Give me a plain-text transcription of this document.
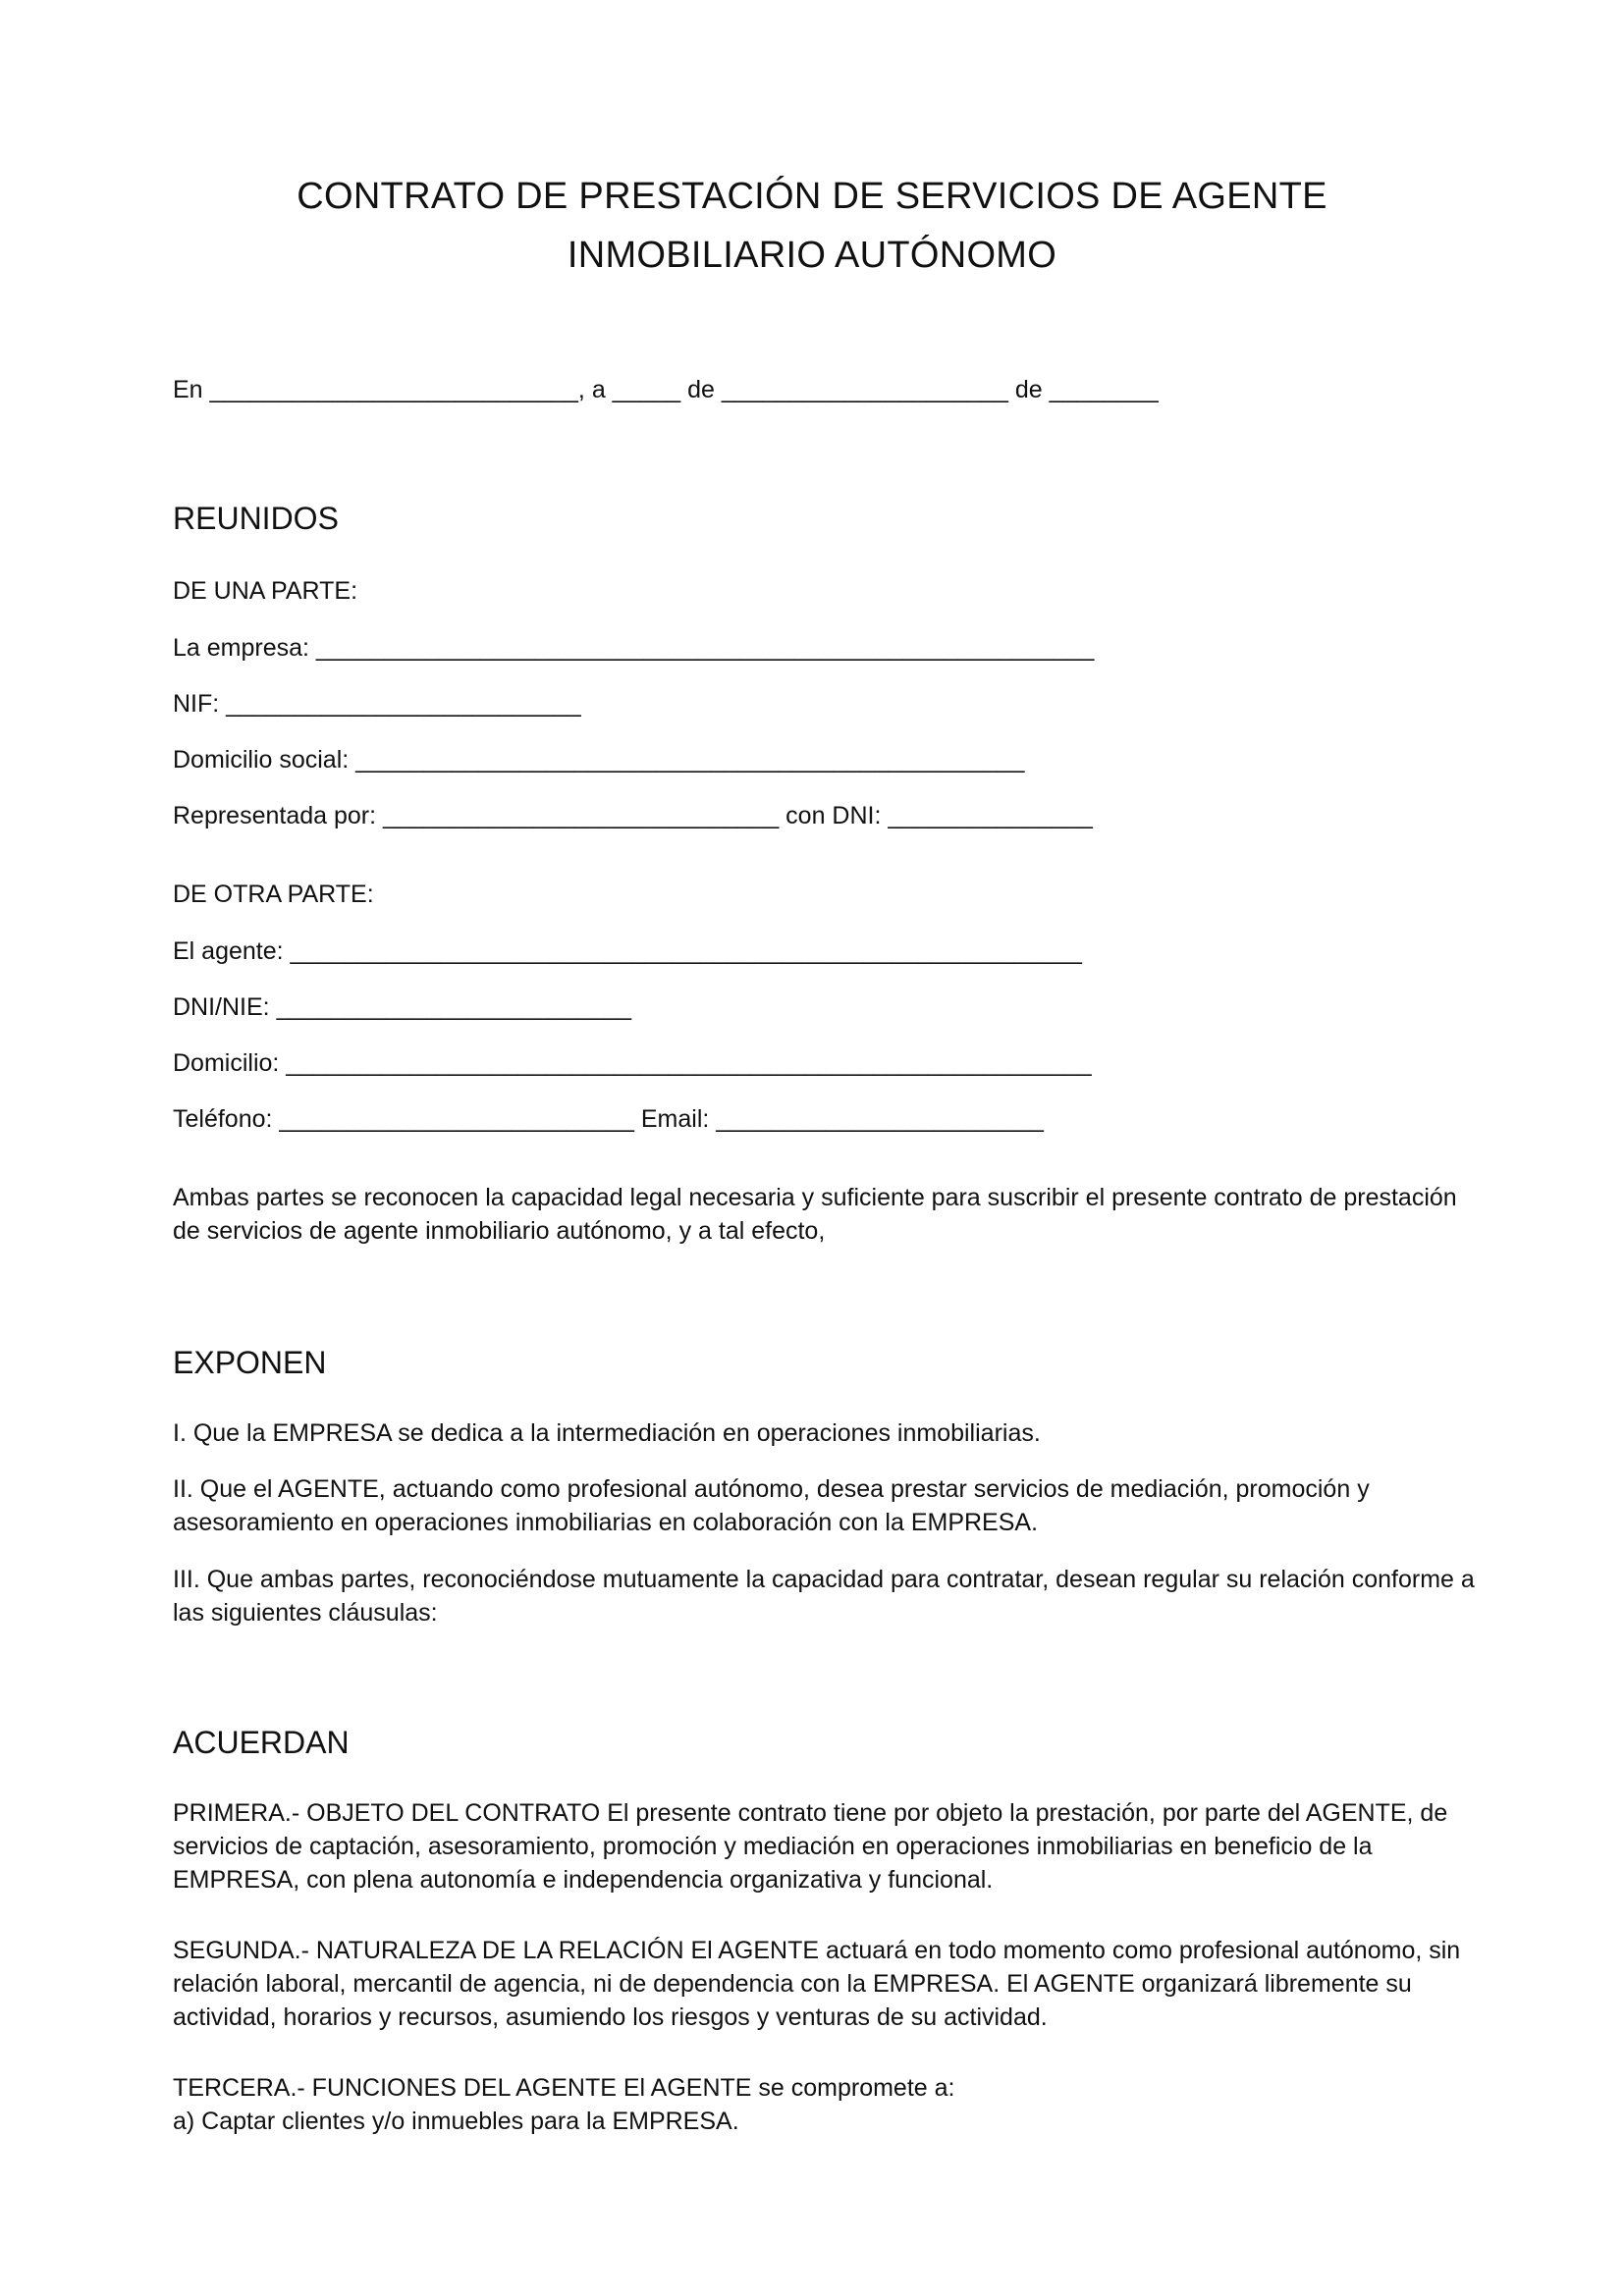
CONTRATO DE PRESTACIÓN DE SERVICIOS DE AGENTE
INMOBILIARIO AUTÓNOMO

En ___________________________, a _____ de _____________________ de ________

REUNIDOS

DE UNA PARTE:

La empresa: _________________________________________________________

NIF: __________________________

Domicilio social: _________________________________________________

Representada por: _____________________________ con DNI: _______________

DE OTRA PARTE:

El agente: __________________________________________________________

DNI/NIE: __________________________

Domicilio: ___________________________________________________________

Teléfono: __________________________ Email: ________________________

Ambas partes se reconocen la capacidad legal necesaria y suficiente para suscribir el presente contrato de prestación de servicios de agente inmobiliario autónomo, y a tal efecto,

EXPONEN

I. Que la EMPRESA se dedica a la intermediación en operaciones inmobiliarias.

II. Que el AGENTE, actuando como profesional autónomo, desea prestar servicios de mediación, promoción y asesoramiento en operaciones inmobiliarias en colaboración con la EMPRESA.

III. Que ambas partes, reconociéndose mutuamente la capacidad para contratar, desean regular su relación conforme a las siguientes cláusulas:

ACUERDAN

PRIMERA.- OBJETO DEL CONTRATO El presente contrato tiene por objeto la prestación, por parte del AGENTE, de servicios de captación, asesoramiento, promoción y mediación en operaciones inmobiliarias en beneficio de la EMPRESA, con plena autonomía e independencia organizativa y funcional.

SEGUNDA.- NATURALEZA DE LA RELACIÓN El AGENTE actuará en todo momento como profesional autónomo, sin relación laboral, mercantil de agencia, ni de dependencia con la EMPRESA. El AGENTE organizará libremente su actividad, horarios y recursos, asumiendo los riesgos y venturas de su actividad.

TERCERA.- FUNCIONES DEL AGENTE El AGENTE se compromete a:

a) Captar clientes y/o inmuebles para la EMPRESA.
